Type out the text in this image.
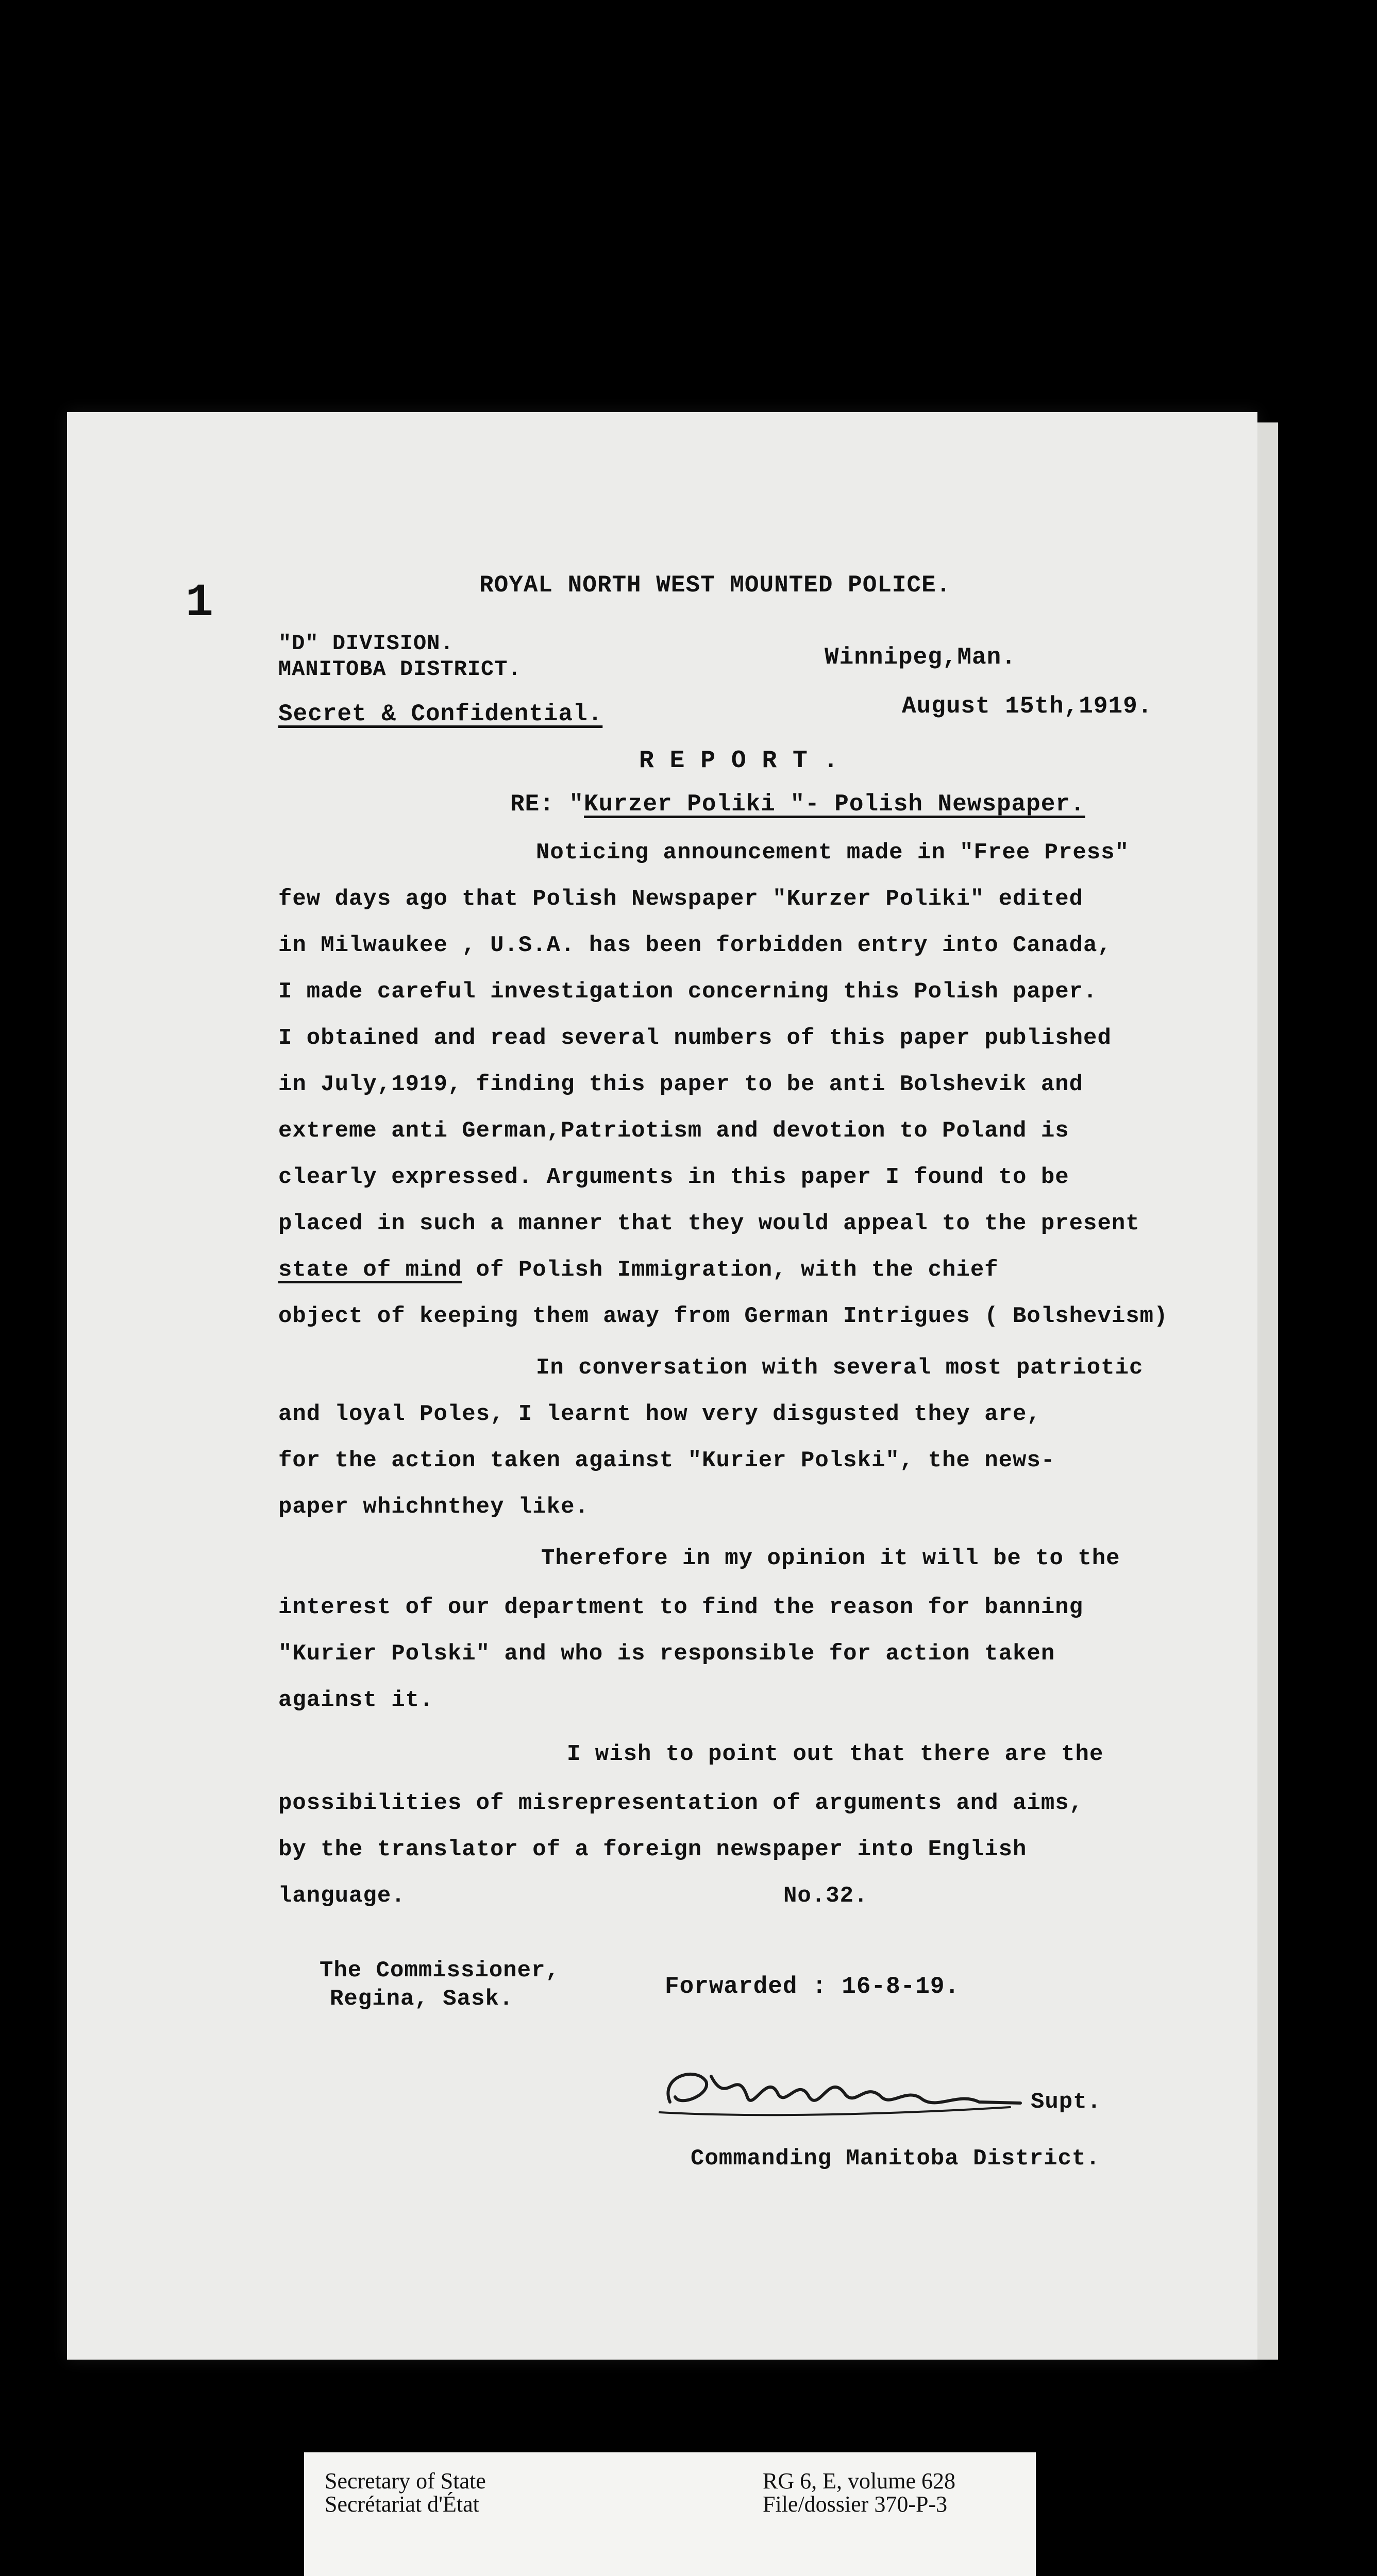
1	ROYAL NORTH WEST MOUNTED POLICE.
"D" DIVISION.
MANITOBA DISTRICT.	Winnipeg,Man.
August 15th,1919.
Secret & Confidential.
R E P O R T .
RE: "Kurzer Poliki "- Polish Newspaper.
Noticing announcement made in "Free Press"
few days ago that Polish Newspaper "Kurzer Poliki" edited
in Milwaukee , U.S.A. has been forbidden entry into Canada,
I made careful investigation concerning this Polish paper.
I obtained and read several numbers of this paper published
in July,1919, finding this paper to be anti Bolshevik and
extreme anti German,Patriotism and devotion to Poland is
clearly expressed. Arguments in this paper I found to be
placed in such a manner that they would appeal to the present
state of mind of Polish Immigration, with the chief
object of keeping them away from German Intrigues ( Bolshevism)
In conversation with several most patriotic
and loyal Poles, I learnt how very disgusted they are,
for the action taken against "Kurier Polski", the news-
paper whichnthey like.
Therefore in my opinion it will be to the
interest of our department to find the reason for banning
"Kurier Polski" and who is responsible for action taken
against it.
I wish to point out that there are the
possibilities of misrepresentation of arguments and aims,
by the translator of a foreign newspaper into English
language.	No.32.
The Commissioner,
Regina, Sask.	Forwarded : 16-8-19.
Supt.
Commanding Manitoba District.
Secretary of State
Secrétariat d'État
RG 6, E, volume 628
File/dossier 370-P-3
